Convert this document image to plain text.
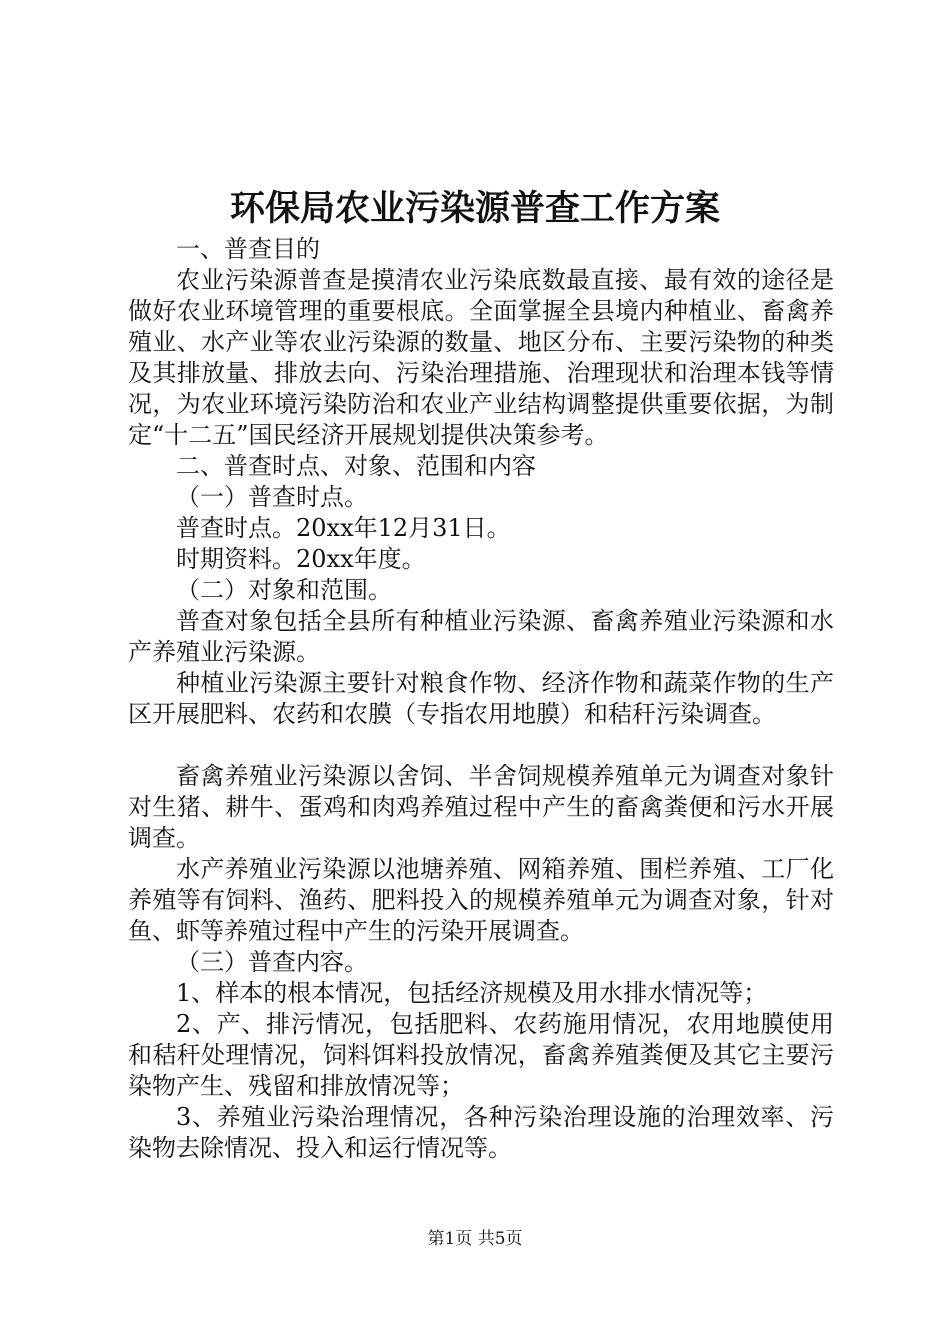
环保局农业污染源普查工作方案

一、普查目的

农业污染源普查是摸清农业污染底数最直接、最有效的途径是做好农业环境管理的重要根底。全面掌握全县境内种植业、畜禽养殖业、水产业等农业污染源的数量、地区分布、主要污染物的种类及其排放量、排放去向、污染治理措施、治理现状和治理本钱等情况，为农业环境污染防治和农业产业结构调整提供重要依据，为制定“十二五”国民经济开展规划提供决策参考。

二、普查时点、对象、范围和内容

（一）普查时点。

普查时点。20xx年12月31日。

时期资料。20xx年度。

（二）对象和范围。

普查对象包括全县所有种植业污染源、畜禽养殖业污染源和水产养殖业污染源。

种植业污染源主要针对粮食作物、经济作物和蔬菜作物的生产区开展肥料、农药和农膜（专指农用地膜）和秸秆污染调查。

畜禽养殖业污染源以舍饲、半舍饲规模养殖单元为调查对象针对生猪、耕牛、蛋鸡和肉鸡养殖过程中产生的畜禽粪便和污水开展调查。

水产养殖业污染源以池塘养殖、网箱养殖、围栏养殖、工厂化养殖等有饲料、渔药、肥料投入的规模养殖单元为调查对象，针对鱼、虾等养殖过程中产生的污染开展调查。

（三）普查内容。

1、样本的根本情况，包括经济规模及用水排水情况等；

2、产、排污情况，包括肥料、农药施用情况，农用地膜使用和秸秆处理情况，饲料饵料投放情况，畜禽养殖粪便及其它主要污染物产生、残留和排放情况等；

3、养殖业污染治理情况，各种污染治理设施的治理效率、污染物去除情况、投入和运行情况等。

第1页 共5页
